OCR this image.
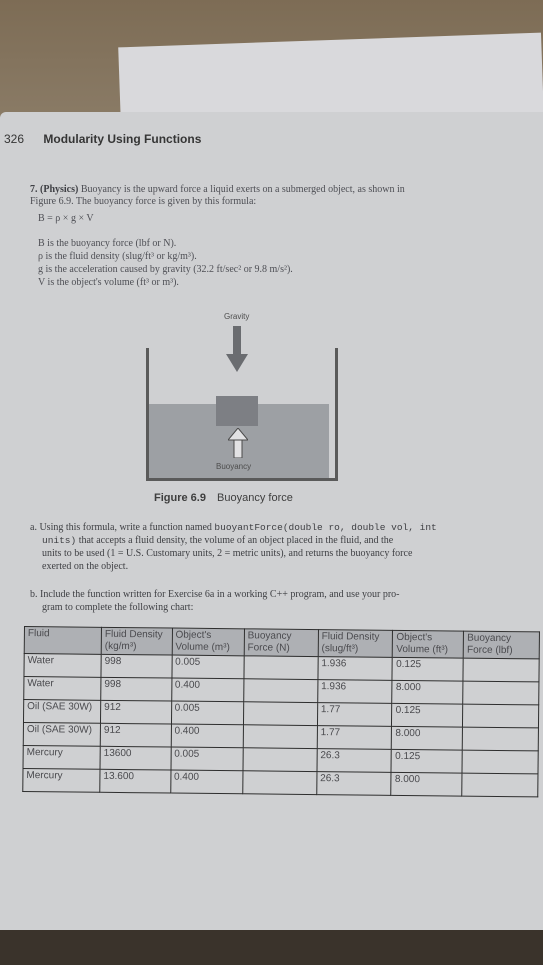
326 Modularity Using Functions
7. (Physics) Buoyancy is the upward force a liquid exerts on a submerged object, as shown in
Figure 6.9. The buoyancy force is given by this formula:
B = ρ × g × V
B is the buoyancy force (lbf or N).
ρ is the fluid density (slug/ft³ or kg/m³).
g is the acceleration caused by gravity (32.2 ft/sec² or 9.8 m/s²).
V is the object's volume (ft³ or m³).
Gravity
Buoyancy
Figure 6.9 Buoyancy force
a. Using this formula, write a function named buoyantForce(double ro, double vol, int
units) that accepts a fluid density, the volume of an object placed in the fluid, and the
units to be used (1 = U.S. Customary units, 2 = metric units), and returns the buoyancy force
exerted on the object.
b. Include the function written for Exercise 6a in a working C++ program, and use your pro-
gram to complete the following chart:
Fluid	Fluid Density (kg/m³)	Object's Volume (m³)	Buoyancy Force (N)	Fluid Density (slug/ft³)	Object's Volume (ft³)	Buoyancy Force (lbf)
Water	998	0.005		1.936	0.125	
Water	998	0.400		1.936	8.000	
Oil (SAE 30W)	912	0.005		1.77	0.125	
Oil (SAE 30W)	912	0.400		1.77	8.000	
Mercury	13600	0.005		26.3	0.125	
Mercury	13.600	0.400		26.3	8.000	
